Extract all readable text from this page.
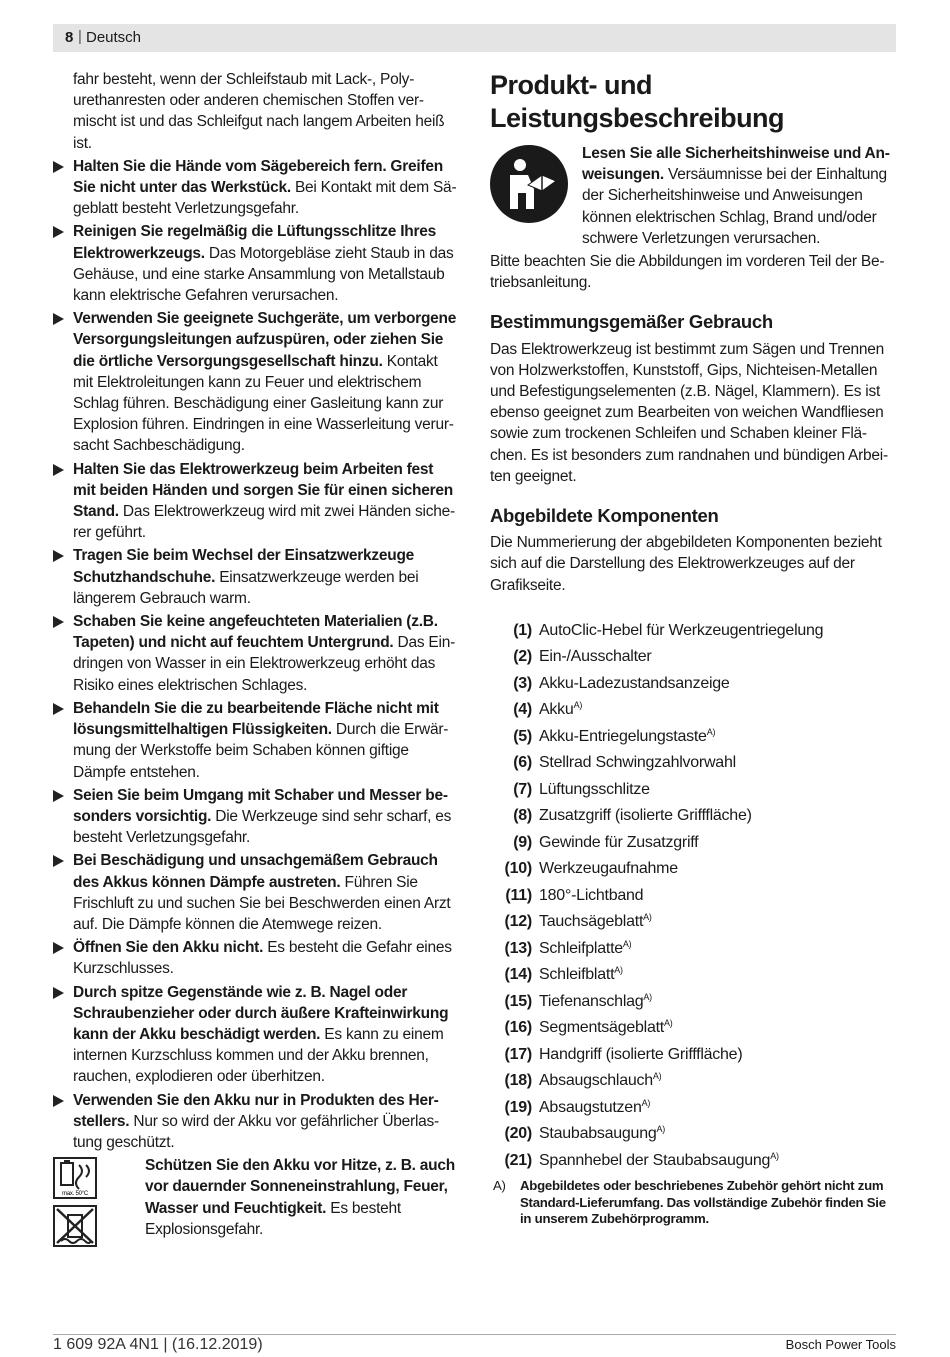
8 | Deutsch

fahr besteht, wenn der Schleifstaub mit Lack-, Polyurethanresten oder anderen chemischen Stoffen vermischt ist und das Schleifgut nach langem Arbeiten heiß ist.

Halten Sie die Hände vom Sägebereich fern. Greifen Sie nicht unter das Werkstück. Bei Kontakt mit dem Sägeblatt besteht Verletzungsgefahr.
Reinigen Sie regelmäßig die Lüftungsschlitze Ihres Elektrowerkzeugs. Das Motorgebläse zieht Staub in das Gehäuse, und eine starke Ansammlung von Metallstaub kann elektrische Gefahren verursachen.
Verwenden Sie geeignete Suchgeräte, um verborgene Versorgungsleitungen aufzuspüren, oder ziehen Sie die örtliche Versorgungsgesellschaft hinzu. Kontakt mit Elektroleitungen kann zu Feuer und elektrischem Schlag führen. Beschädigung einer Gasleitung kann zur Explosion führen. Eindringen in eine Wasserleitung verursacht Sachbeschädigung.
Halten Sie das Elektrowerkzeug beim Arbeiten fest mit beiden Händen und sorgen Sie für einen sicheren Stand. Das Elektrowerkzeug wird mit zwei Händen sicherer geführt.
Tragen Sie beim Wechsel der Einsatzwerkzeuge Schutzhandschuhe. Einsatzwerkzeuge werden bei längerem Gebrauch warm.
Schaben Sie keine angefeuchteten Materialien (z.B. Tapeten) und nicht auf feuchtem Untergrund. Das Eindringen von Wasser in ein Elektrowerkzeug erhöht das Risiko eines elektrischen Schlages.
Behandeln Sie die zu bearbeitende Fläche nicht mit lösungsmittelhaltigen Flüssigkeiten. Durch die Erwärmung der Werkstoffe beim Schaben können giftige Dämpfe entstehen.
Seien Sie beim Umgang mit Schaber und Messer besonders vorsichtig. Die Werkzeuge sind sehr scharf, es besteht Verletzungsgefahr.
Bei Beschädigung und unsachgemäßem Gebrauch des Akkus können Dämpfe austreten. Führen Sie Frischluft zu und suchen Sie bei Beschwerden einen Arzt auf. Die Dämpfe können die Atemwege reizen.
Öffnen Sie den Akku nicht. Es besteht die Gefahr eines Kurzschlusses.
Durch spitze Gegenstände wie z. B. Nagel oder Schraubenzieher oder durch äußere Krafteinwirkung kann der Akku beschädigt werden. Es kann zu einem internen Kurzschluss kommen und der Akku brennen, rauchen, explodieren oder überhitzen.
Verwenden Sie den Akku nur in Produkten des Herstellers. Nur so wird der Akku vor gefährlicher Überlastung geschützt.
max. 50°C
Schützen Sie den Akku vor Hitze, z. B. auch vor dauernder Sonneneinstrahlung, Feuer, Wasser und Feuchtigkeit. Es besteht Explosionsgefahr.
Produkt- und Leistungsbeschreibung
Lesen Sie alle Sicherheitshinweise und Anweisungen. Versäumnisse bei der Einhaltung der Sicherheitshinweise und Anweisungen können elektrischen Schlag, Brand und/oder schwere Verletzungen verursachen.

Bitte beachten Sie die Abbildungen im vorderen Teil der Betriebsanleitung.

Bestimmungsgemäßer Gebrauch

Das Elektrowerkzeug ist bestimmt zum Sägen und Trennen von Holzwerkstoffen, Kunststoff, Gips, Nichteisen-Metallen und Befestigungselementen (z.B. Nägel, Klammern). Es ist ebenso geeignet zum Bearbeiten von weichen Wandfliesen sowie zum trockenen Schleifen und Schaben kleiner Flächen. Es ist besonders zum randnahen und bündigen Arbeiten geeignet.

Abgebildete Komponenten

Die Nummerierung der abgebildeten Komponenten bezieht sich auf die Darstellung des Elektrowerkzeuges auf der Grafikseite.

(1) AutoClic-Hebel für Werkzeugentriegelung
(2) Ein-/Ausschalter
(3) Akku-Ladezustandsanzeige
(4) Akku$^{A)}$
(5) Akku-Entriegelungstaste$^{A)}$
(6) Stellrad Schwingzahlvorwahl
(7) Lüftungsschlitze
(8) Zusatzgriff (isolierte Grifffläche)
(9) Gewinde für Zusatzgriff
(10) Werkzeugaufnahme
(11) 180°-Lichtband
(12) Tauchsägeblatt$^{A)}$
(13) Schleifplatte$^{A)}$
(14) Schleifblatt$^{A)}$
(15) Tiefenanschlag$^{A)}$
(16) Segmentsägeblatt$^{A)}$
(17) Handgriff (isolierte Grifffläche)
(18) Absaugschlauch$^{A)}$
(19) Absaugstutzen$^{A)}$
(20) Staubabsaugung$^{A)}$
(21) Spannhebel der Staubabsaugung$^{A)}$
A) Abgebildetes oder beschriebenes Zubehör gehört nicht zum Standard-Lieferumfang. Das vollständige Zubehör finden Sie in unserem Zubehörprogramm.
1 609 92A 4N1 | (16.12.2019)	Bosch Power Tools
